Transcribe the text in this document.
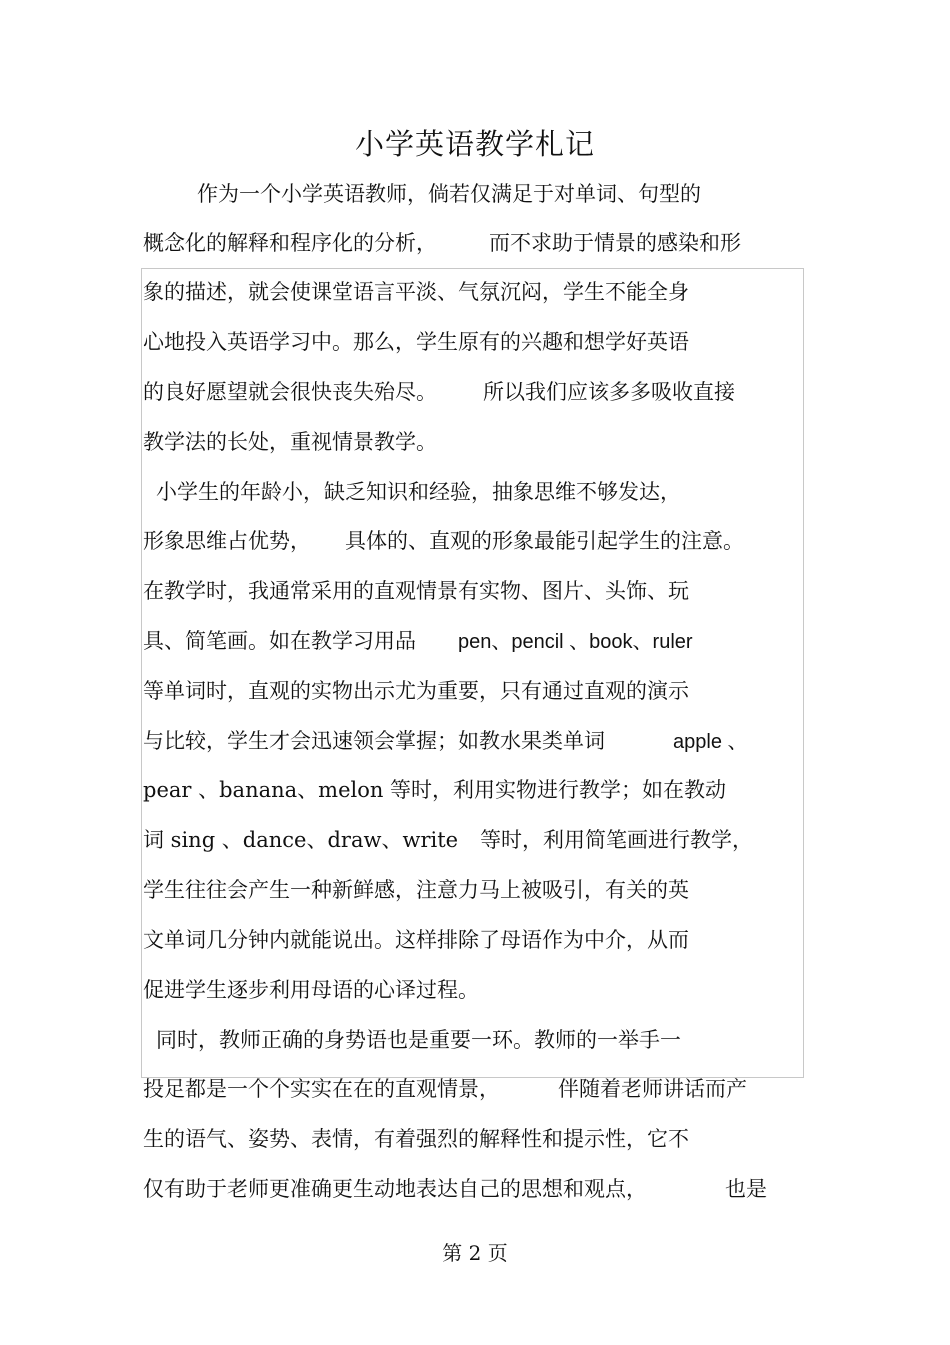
小学英语教学札记
作为一个小学英语教师，倘若仅满足于对单词、句型的
概念化的解释和程序化的分析， 而不求助于情景的感染和形
象的描述，就会使课堂语言平淡、气氛沉闷，学生不能全身
心地投入英语学习中。那么，学生原有的兴趣和想学好英语
的良好愿望就会很快丧失殆尽。 所以我们应该多多吸收直接
教学法的长处，重视情景教学。
小学生的年龄小，缺乏知识和经验，抽象思维不够发达，
形象思维占优势， 具体的、直观的形象最能引起学生的注意。
在教学时，我通常采用的直观情景有实物、图片、头饰、玩
具、简笔画。如在教学习用品 pen、pencil 、book、ruler
等单词时，直观的实物出示尤为重要，只有通过直观的演示
与比较，学生才会迅速领会掌握；如教水果类单词	apple 、
pear 、banana、melon 等时，利用实物进行教学；如在教动
词 sing 、dance、draw、write 等时，利用简笔画进行教学，
学生往往会产生一种新鲜感，注意力马上被吸引，有关的英
文单词几分钟内就能说出。这样排除了母语作为中介，从而
促进学生逐步利用母语的心译过程。
同时，教师正确的身势语也是重要一环。教师的一举手一
投足都是一个个实实在在的直观情景，	伴随着老师讲话而产
生的语气、姿势、表情，有着强烈的解释性和提示性，它不
仅有助于老师更准确更生动地表达自己的思想和观点，	也是
第 2 页
